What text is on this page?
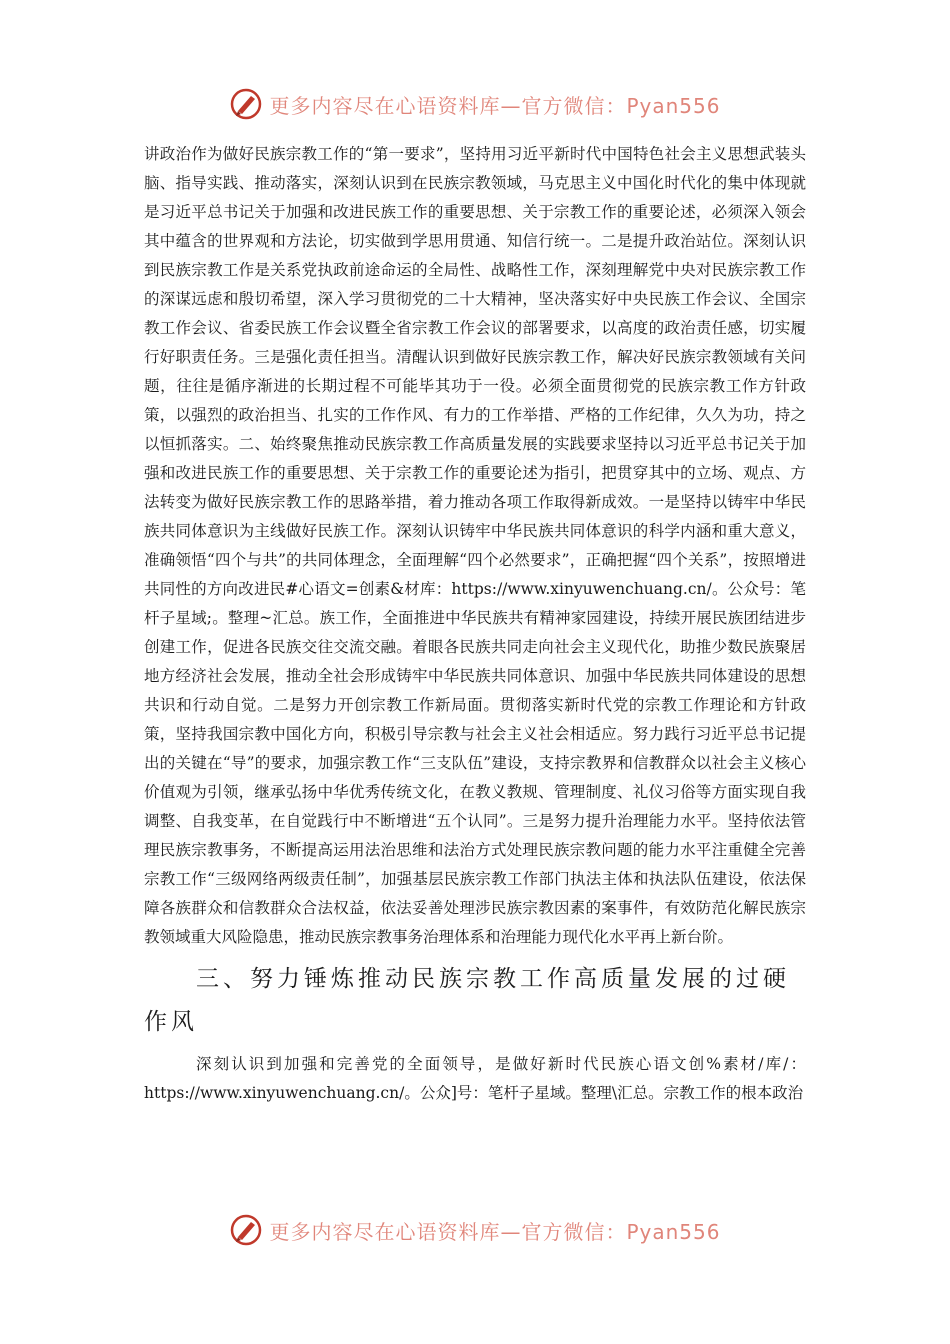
更多内容尽在心语资料库—官方微信：Pyan556

讲政治作为做好民族宗教工作的“第一要求”，坚持用习近平新时代中国特色社会主义思想武装头脑、指导实践、推动落实，深刻认识到在民族宗教领域，马克思主义中国化时代化的集中体现就是习近平总书记关于加强和改进民族工作的重要思想、关于宗教工作的重要论述，必须深入领会其中蕴含的世界观和方法论，切实做到学思用贯通、知信行统一。二是提升政治站位。深刻认识到民族宗教工作是关系党执政前途命运的全局性、战略性工作，深刻理解党中央对民族宗教工作的深谋远虑和殷切希望，深入学习贯彻党的二十大精神，坚决落实好中央民族工作会议、全国宗教工作会议、省委民族工作会议暨全省宗教工作会议的部署要求，以高度的政治责任感，切实履行好职责任务。三是强化责任担当。清醒认识到做好民族宗教工作，解决好民族宗教领域有关问题，往往是循序渐进的长期过程不可能毕其功于一役。必须全面贯彻党的民族宗教工作方针政策，以强烈的政治担当、扎实的工作作风、有力的工作举措、严格的工作纪律，久久为功，持之以恒抓落实。二、始终聚焦推动民族宗教工作高质量发展的实践要求坚持以习近平总书记关于加强和改进民族工作的重要思想、关于宗教工作的重要论述为指引，把贯穿其中的立场、观点、方法转变为做好民族宗教工作的思路举措，着力推动各项工作取得新成效。一是坚持以铸牢中华民族共同体意识为主线做好民族工作。深刻认识铸牢中华民族共同体意识的科学内涵和重大意义，准确领悟“四个与共”的共同体理念，全面理解“四个必然要求”，正确把握“四个关系”，按照增进共同性的方向改进民#心语文=创素&材库：https://www.xinyuwenchuang.cn/。公众号：笔杆子星域;。整理~汇总。族工作，全面推进中华民族共有精神家园建设，持续开展民族团结进步创建工作，促进各民族交往交流交融。着眼各民族共同走向社会主义现代化，助推少数民族聚居地方经济社会发展，推动全社会形成铸牢中华民族共同体意识、加强中华民族共同体建设的思想共识和行动自觉。二是努力开创宗教工作新局面。贯彻落实新时代党的宗教工作理论和方针政策，坚持我国宗教中国化方向，积极引导宗教与社会主义社会相适应。努力践行习近平总书记提出的关键在“导”的要求，加强宗教工作“三支队伍”建设，支持宗教界和信教群众以社会主义核心价值观为引领，继承弘扬中华优秀传统文化，在教义教规、管理制度、礼仪习俗等方面实现自我调整、自我变革，在自觉践行中不断增进“五个认同”。三是努力提升治理能力水平。坚持依法管理民族宗教事务，不断提高运用法治思维和法治方式处理民族宗教问题的能力水平注重健全完善宗教工作“三级网络两级责任制”，加强基层民族宗教工作部门执法主体和执法队伍建设，依法保障各族群众和信教群众合法权益，依法妥善处理涉民族宗教因素的案事件，有效防范化解民族宗教领域重大风险隐患，推动民族宗教事务治理体系和治理能力现代化水平再上新台阶。

三、努力锤炼推动民族宗教工作高质量发展的过硬作风

深刻认识到加强和完善党的全面领导，是做好新时代民族心语文创%素材/库/：https://www.xinyuwenchuang.cn/。公众]号：笔杆子星域。整理\汇总。宗教工作的根本政治

更多内容尽在心语资料库—官方微信：Pyan556
